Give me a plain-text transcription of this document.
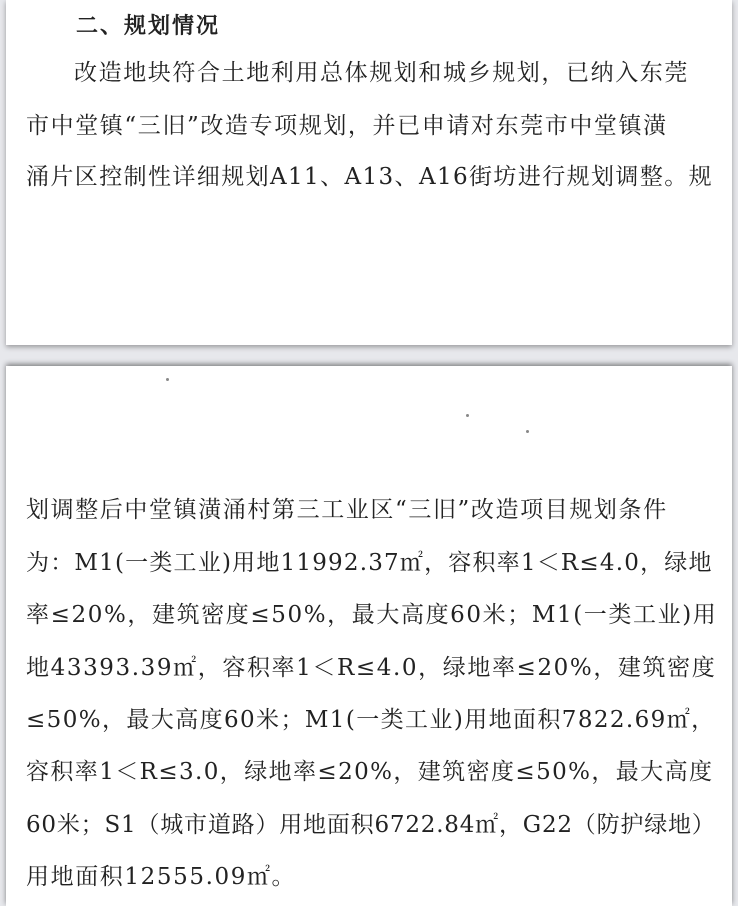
二、规划情况
改造地块符合土地利用总体规划和城乡规划，已纳入东莞
市中堂镇“三旧”改造专项规划，并已申请对东莞市中堂镇潢
涌片区控制性详细规划A11、A13、A16街坊进行规划调整。规
划调整后中堂镇潢涌村第三工业区“三旧”改造项目规划条件
为：M1(一类工业)用地11992.37㎡，容积率1＜R≤4.0，绿地
率≤20%，建筑密度≤50%，最大高度60米；M1(一类工业)用
地43393.39㎡，容积率1＜R≤4.0，绿地率≤20%，建筑密度
≤50%，最大高度60米；M1(一类工业)用地面积7822.69㎡，
容积率1＜R≤3.0，绿地率≤20%，建筑密度≤50%，最大高度
60米；S1（城市道路）用地面积6722.84㎡，G22（防护绿地）
用地面积12555.09㎡。
